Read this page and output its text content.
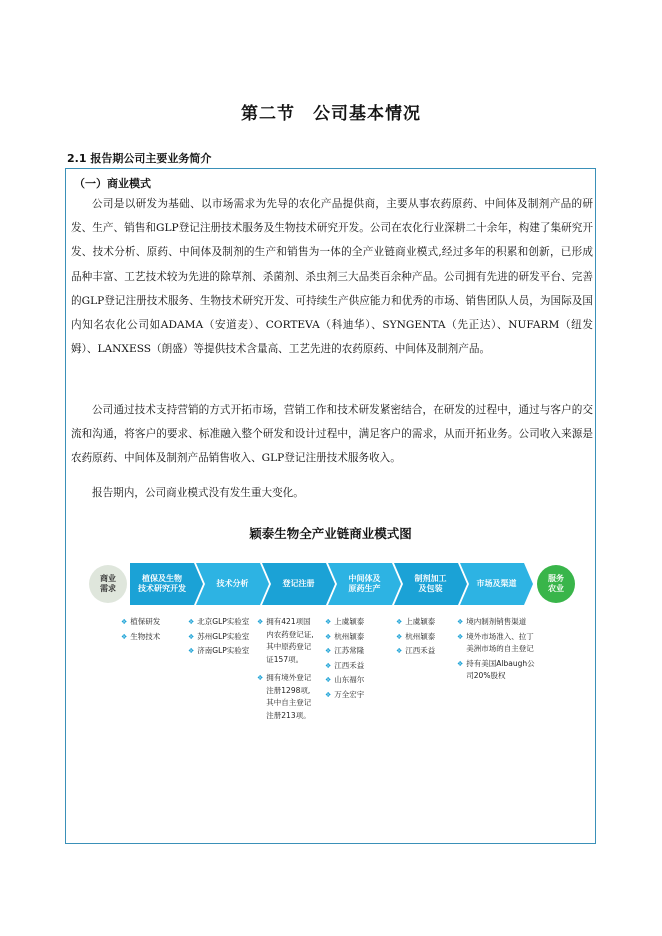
第二节　公司基本情况
2.1 报告期公司主要业务简介
（一）商业模式

公司是以研发为基础、以市场需求为先导的农化产品提供商，主要从事农药原药、中间体及制剂产品的研发、生产、销售和GLP登记注册技术服务及生物技术研究开发。公司在农化行业深耕二十余年，构建了集研究开发、技术分析、原药、中间体及制剂的生产和销售为一体的全产业链商业模式,经过多年的积累和创新，已形成品种丰富、工艺技术较为先进的除草剂、杀菌剂、杀虫剂三大品类百余种产品。公司拥有先进的研发平台、完善的GLP登记注册技术服务、生物技术研究开发、可持续生产供应能力和优秀的市场、销售团队人员，为国际及国内知名农化公司如ADAMA（安道麦）、CORTEVA（科迪华）、SYNGENTA（先正达）、NUFARM（纽发姆）、LANXESS（朗盛）等提供技术含量高、工艺先进的农药原药、中间体及制剂产品。

公司通过技术支持营销的方式开拓市场，营销工作和技术研发紧密结合，在研发的过程中，通过与客户的交流和沟通，将客户的要求、标准融入整个研发和设计过程中，满足客户的需求，从而开拓业务。公司收入来源是农药原药、中间体及制剂产品销售收入、GLP登记注册技术服务收入。

报告期内，公司商业模式没有发生重大变化。

颖泰生物全产业链商业模式图
商业
需求
植保及生物
技术研究开发
技术分析	登记注册
中间体及
原药生产
制剂加工
及包装
市场及渠道
服务
农业
❖ 植保研发
❖ 生物技术
❖ 北京GLP实验室
❖ 苏州GLP实验室
❖ 济南GLP实验室
❖ 拥有421项国
内农药登记证,
其中原药登记
证157项。
❖ 拥有境外登记
注册1298项,
其中自主登记
注册213项。
❖ 上虞颖泰
❖ 杭州颖泰
❖ 江苏常隆
❖ 江西禾益
❖ 山东福尔
❖ 万全宏宇
❖ 上虞颖泰
❖ 杭州颖泰
❖ 江西禾益
❖ 境内制剂销售渠道
❖ 境外市场准入、拉丁
美洲市场的自主登记
❖ 持有美国Albaugh公
司20%股权
